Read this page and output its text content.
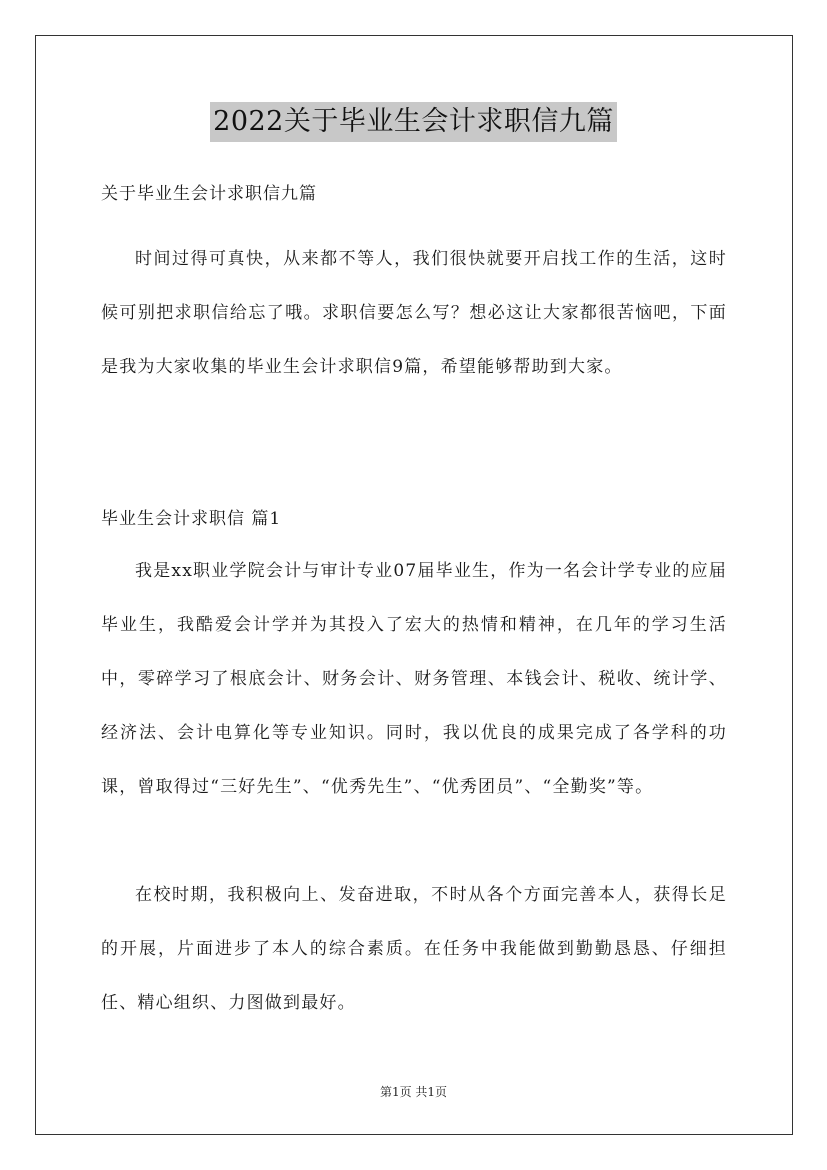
2022关于毕业生会计求职信九篇
关于毕业生会计求职信九篇
时间过得可真快，从来都不等人，我们很快就要开启找工作的生活，这时候可别把求职信给忘了哦。求职信要怎么写？想必这让大家都很苦恼吧，下面是我为大家收集的毕业生会计求职信9篇，希望能够帮助到大家。
毕业生会计求职信 篇1
我是xx职业学院会计与审计专业07届毕业生，作为一名会计学专业的应届毕业生，我酷爱会计学并为其投入了宏大的热情和精神，在几年的学习生活中，零碎学习了根底会计、财务会计、财务管理、本钱会计、税收、统计学、经济法、会计电算化等专业知识。同时，我以优良的成果完成了各学科的功课，曾取得过“三好先生”、“优秀先生”、“优秀团员”、“全勤奖”等。
在校时期，我积极向上、发奋进取，不时从各个方面完善本人，获得长足的开展，片面进步了本人的综合素质。在任务中我能做到勤勤恳恳、仔细担任、精心组织、力图做到最好。
第1页 共1页
